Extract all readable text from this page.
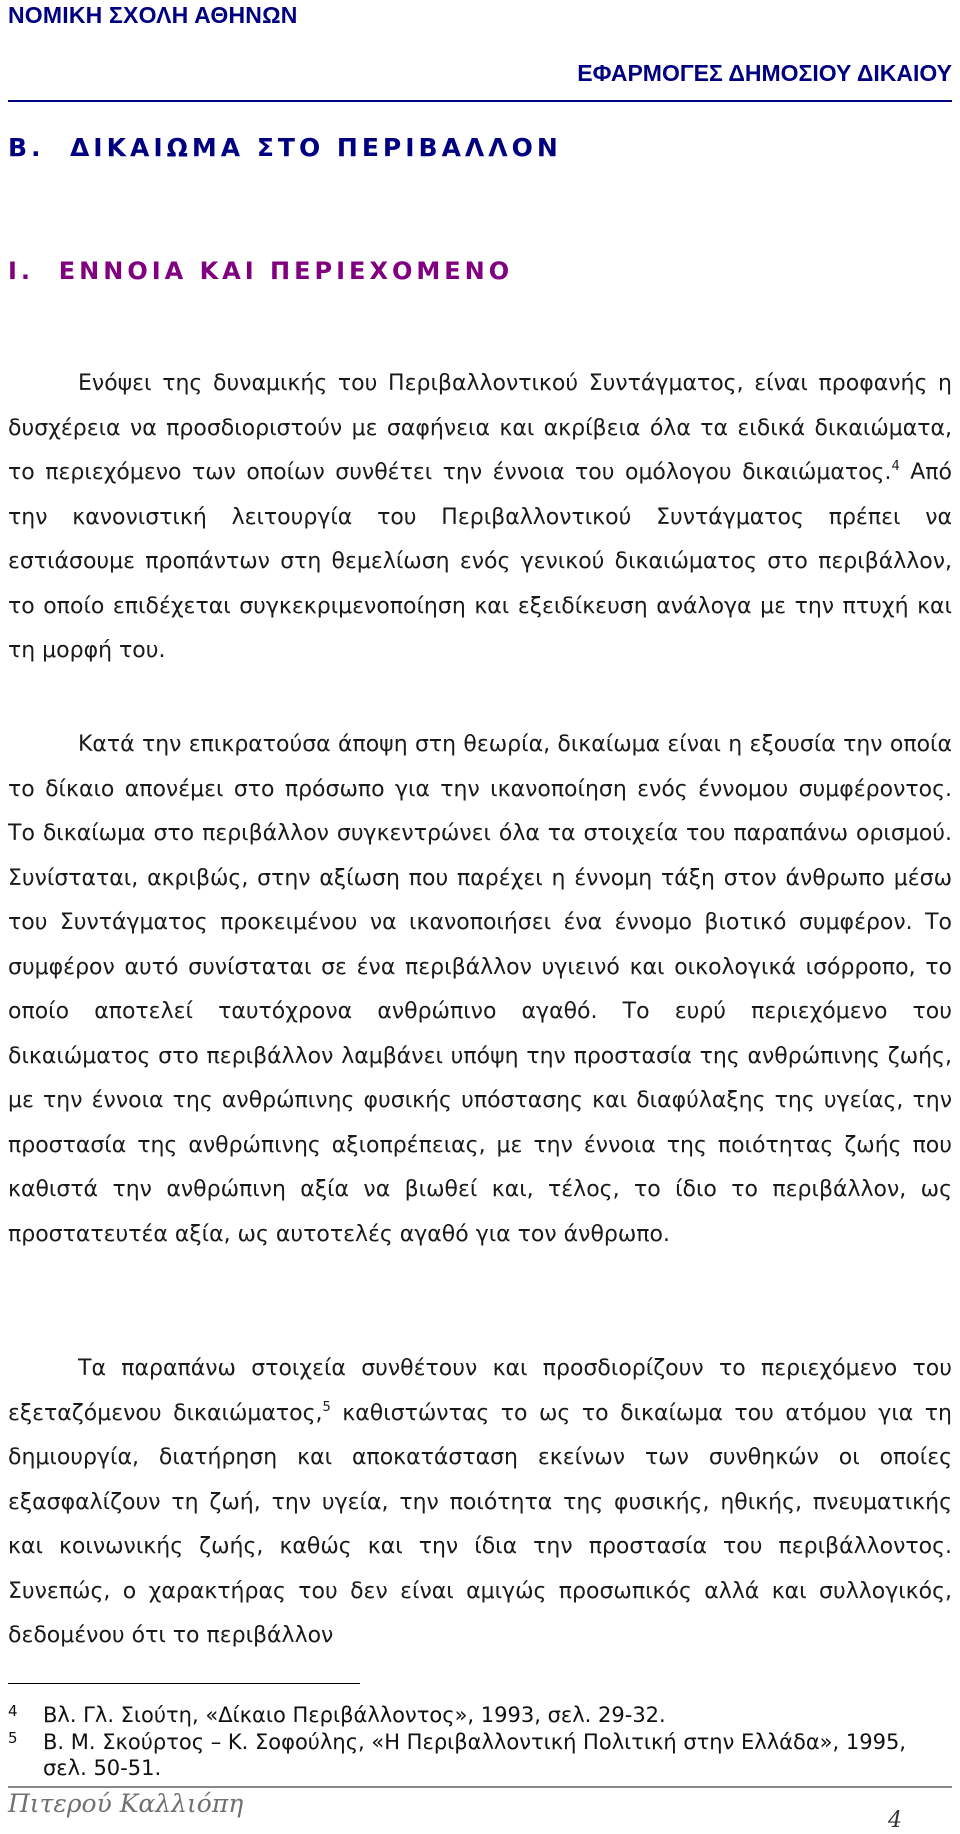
ΝΟΜΙΚΗ ΣΧΟΛΗ ΑΘΗΝΩΝ
ΕΦΑΡΜΟΓΕΣ ΔΗΜΟΣΙΟΥ ΔΙΚΑΙΟΥ
Β.  ΔΙΚΑΙΩΜΑ ΣΤΟ ΠΕΡΙΒΑΛΛΟΝ
Ι.  ΕΝΝΟΙΑ ΚΑΙ ΠΕΡΙΕΧΟΜΕΝΟ

Ενόψει της δυναμικής του Περιβαλλοντικού Συντάγματος, είναι προφανής η δυσχέρεια να προσδιοριστούν με σαφήνεια και ακρίβεια όλα τα ειδικά δικαιώματα, το περιεχόμενο των οποίων συνθέτει την έννοια του ομόλογου δικαιώματος.$^4$ Από την κανονιστική λειτουργία του Περιβαλλοντικού Συντάγματος πρέπει να εστιάσουμε προπάντων στη θεμελίωση ενός γενικού δικαιώματος στο περιβάλλον, το οποίο επιδέχεται συγκεκριμενοποίηση και εξειδίκευση ανάλογα με την πτυχή και τη μορφή του.

Κατά την επικρατούσα άποψη στη θεωρία, δικαίωμα είναι η εξουσία την οποία το δίκαιο απονέμει στο πρόσωπο για την ικανοποίηση ενός έννομου συμφέροντος. Το δικαίωμα στο περιβάλλον συγκεντρώνει όλα τα στοιχεία του παραπάνω ορισμού. Συνίσταται, ακριβώς, στην αξίωση που παρέχει η έννομη τάξη στον άνθρωπο μέσω του Συντάγματος προκειμένου να ικανοποιήσει ένα έννομο βιοτικό συμφέρον. Το συμφέρον αυτό συνίσταται σε ένα περιβάλλον υγιεινό και οικολογικά ισόρροπο, το οποίο αποτελεί ταυτόχρονα ανθρώπινο αγαθό. Το ευρύ περιεχόμενο του δικαιώματος στο περιβάλλον λαμβάνει υπόψη την προστασία της ανθρώπινης ζωής, με την έννοια της ανθρώπινης φυσικής υπόστασης και διαφύλαξης της υγείας, την προστασία της ανθρώπινης αξιοπρέπειας, με την έννοια της ποιότητας ζωής που καθιστά την ανθρώπινη αξία να βιωθεί και, τέλος, το ίδιο το περιβάλλον, ως προστατευτέα αξία, ως αυτοτελές αγαθό για τον άνθρωπο.

Τα παραπάνω στοιχεία συνθέτουν και προσδιορίζουν το περιεχόμενο του εξεταζόμενου δικαιώματος,$^5$ καθιστώντας το ως το δικαίωμα του ατόμου για τη δημιουργία, διατήρηση και αποκατάσταση εκείνων των συνθηκών οι οποίες εξασφαλίζουν τη ζωή, την υγεία, την ποιότητα της φυσικής, ηθικής, πνευματικής και κοινωνικής ζωής, καθώς και την ίδια την προστασία του περιβάλλοντος. Συνεπώς, ο χαρακτήρας του δεν είναι αμιγώς προσωπικός αλλά και συλλογικός, δεδομένου ότι το περιβάλλον

4 Βλ. Γλ. Σιούτη, «Δίκαιο Περιβάλλοντος», 1993, σελ. 29-32.
5 Β. Μ. Σκούρτος – Κ. Σοφούλης, «Η Περιβαλλοντική Πολιτική στην Ελλάδα», 1995, σελ. 50-51.
Πιτερού Καλλιόπη
4
